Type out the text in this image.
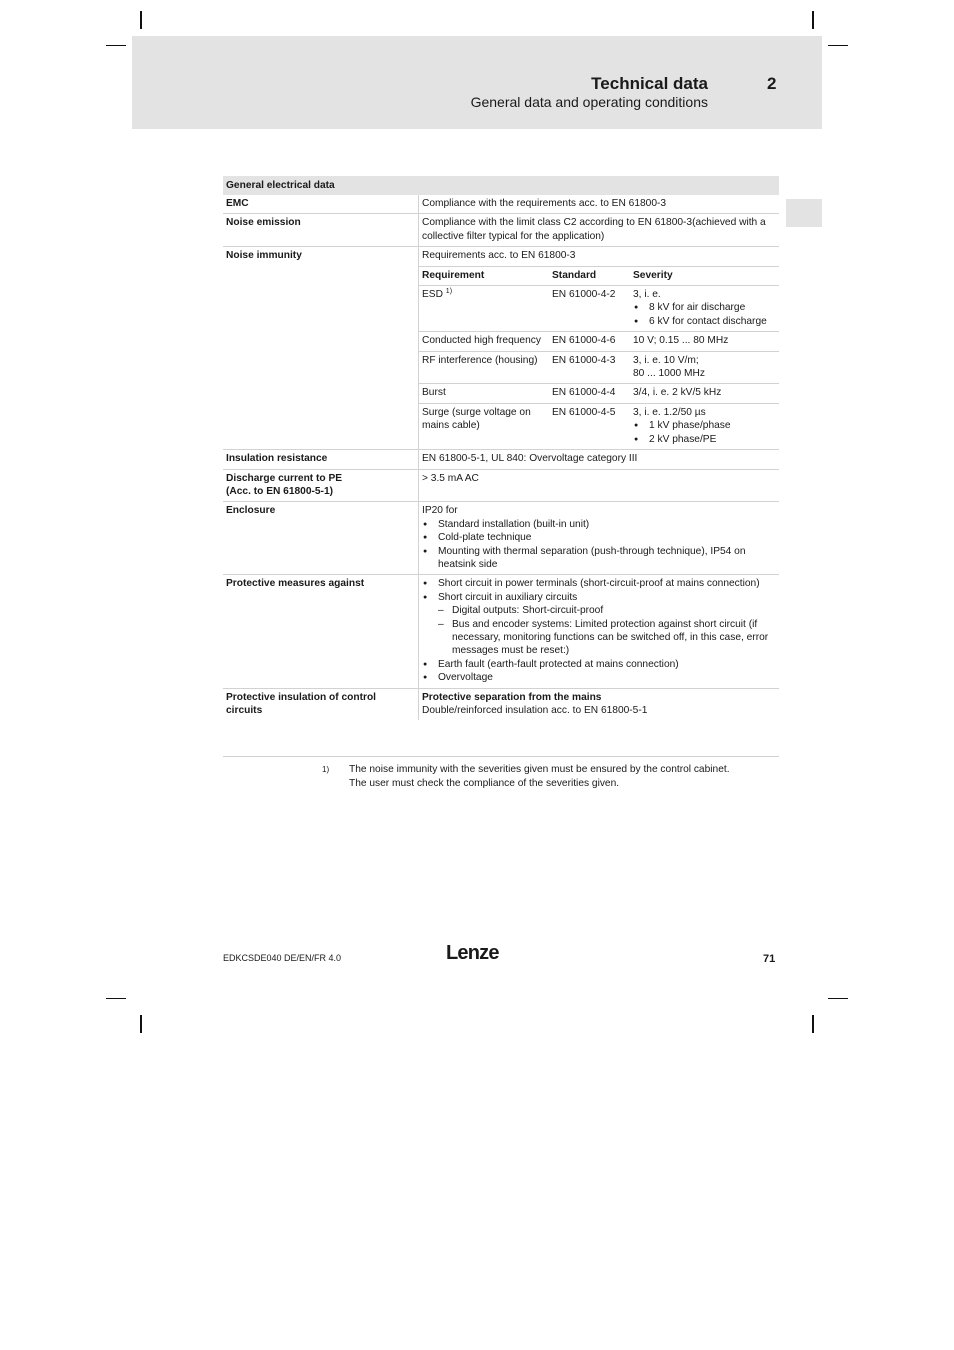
Technical data	2
General data and operating conditions
General electrical data
EMC	Compliance with the requirements acc. to EN 61800-3
Noise emission	Compliance with the limit class C2 according to EN 61800-3(achieved with a collective filter typical for the application)
Noise immunity	Requirements acc. to EN 61800-3
Requirement	Standard	Severity
ESD $^{1)}$	EN 61000-4-2	3, i. e.
● 8 kV for air discharge
● 6 kV for contact discharge
Conducted high frequency	EN 61000-4-6	10 V; 0.15 ... 80 MHz
RF interference (housing)	EN 61000-4-3	3, i. e. 10 V/m;
80 ... 1000 MHz
Burst	EN 61000-4-4	3/4, i. e. 2 kV/5 kHz
Surge (surge voltage on mains cable)
EN 61000-4-5	3, i. e. 1.2/50 µs
● 1 kV phase/phase
● 2 kV phase/PE
Insulation resistance	EN 61800-5-1, UL 840: Overvoltage category III
Discharge current to PE
(Acc. to EN 61800-5-1)
> 3.5 mA AC
Enclosure	IP20 for
● Standard installation (built-in unit)
● Cold-plate technique
● Mounting with thermal separation (push-through technique), IP54 on heatsink side
Protective measures against
●	Short circuit in power terminals (short-circuit-proof at mains connection)
● Short circuit in auxiliary circuits
– Digital outputs: Short-circuit-proof
– Bus and encoder systems: Limited protection against short circuit (if necessary, monitoring functions can be switched off, in this case, error messages must be reset:)
● Earth fault (earth-fault protected at mains connection)
● Overvoltage
Protective insulation of control circuits
Protective separation from the mains
Double/reinforced insulation acc. to EN 61800-5-1
1) The noise immunity with the severities given must be ensured by the control cabinet.
The user must check the compliance of the severities given.
EDKCSDE040 DE/EN/FR 4.0	Lenze	71
